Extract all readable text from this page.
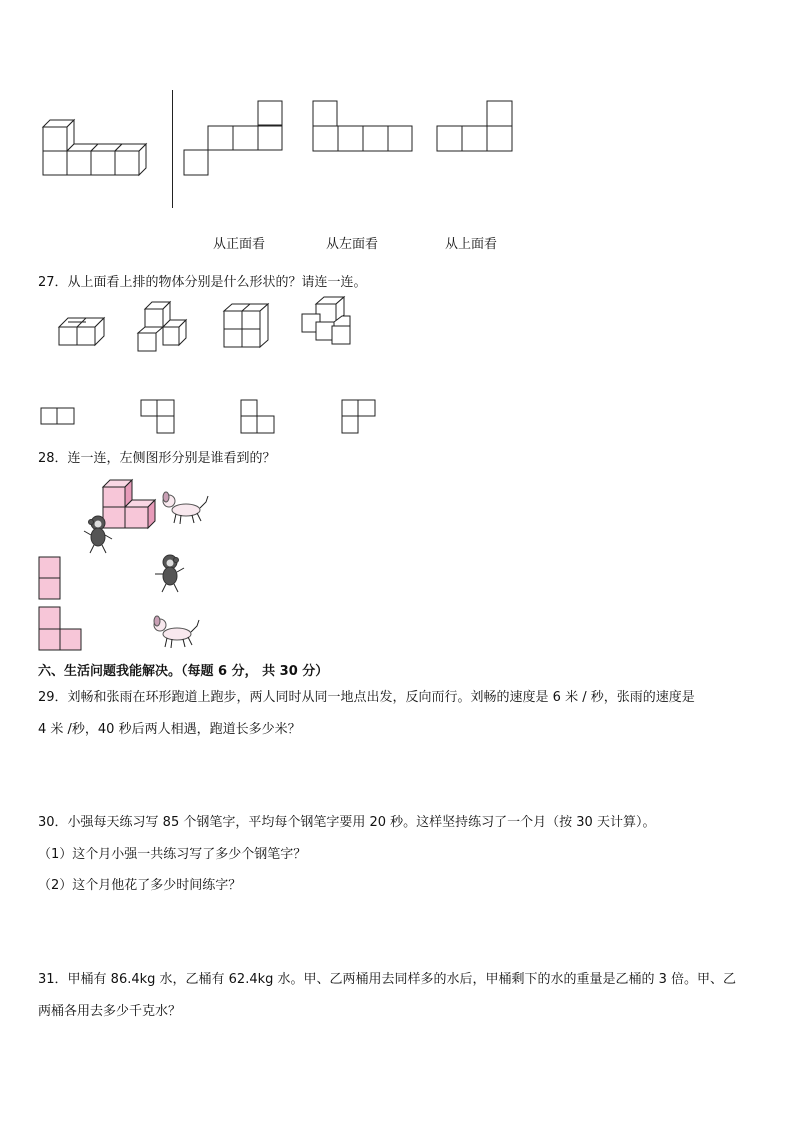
从正面看	从左面看	从上面看
27．从上面看上排的物体分别是什么形状的？请连一连。
28．连一连，左侧图形分别是谁看到的？
六、生活问题我能解决。（每题 6 分， 共 30 分）
29．刘畅和张雨在环形跑道上跑步，两人同时从同一地点出发，反向而行。刘畅的速度是 6 米 / 秒，张雨的速度是
4 米 /秒，40 秒后两人相遇，跑道长多少米？
30．小强每天练习写 85 个钢笔字，平均每个钢笔字要用 20 秒。这样坚持练习了一个月（按 30 天计算）。
（1）这个月小强一共练习写了多少个钢笔字？
（2）这个月他花了多少时间练字？
31．甲桶有 86.4kg 水，乙桶有 62.4kg 水。甲、乙两桶用去同样多的水后，甲桶剩下的水的重量是乙桶的 3 倍。甲、乙
两桶各用去多少千克水？
